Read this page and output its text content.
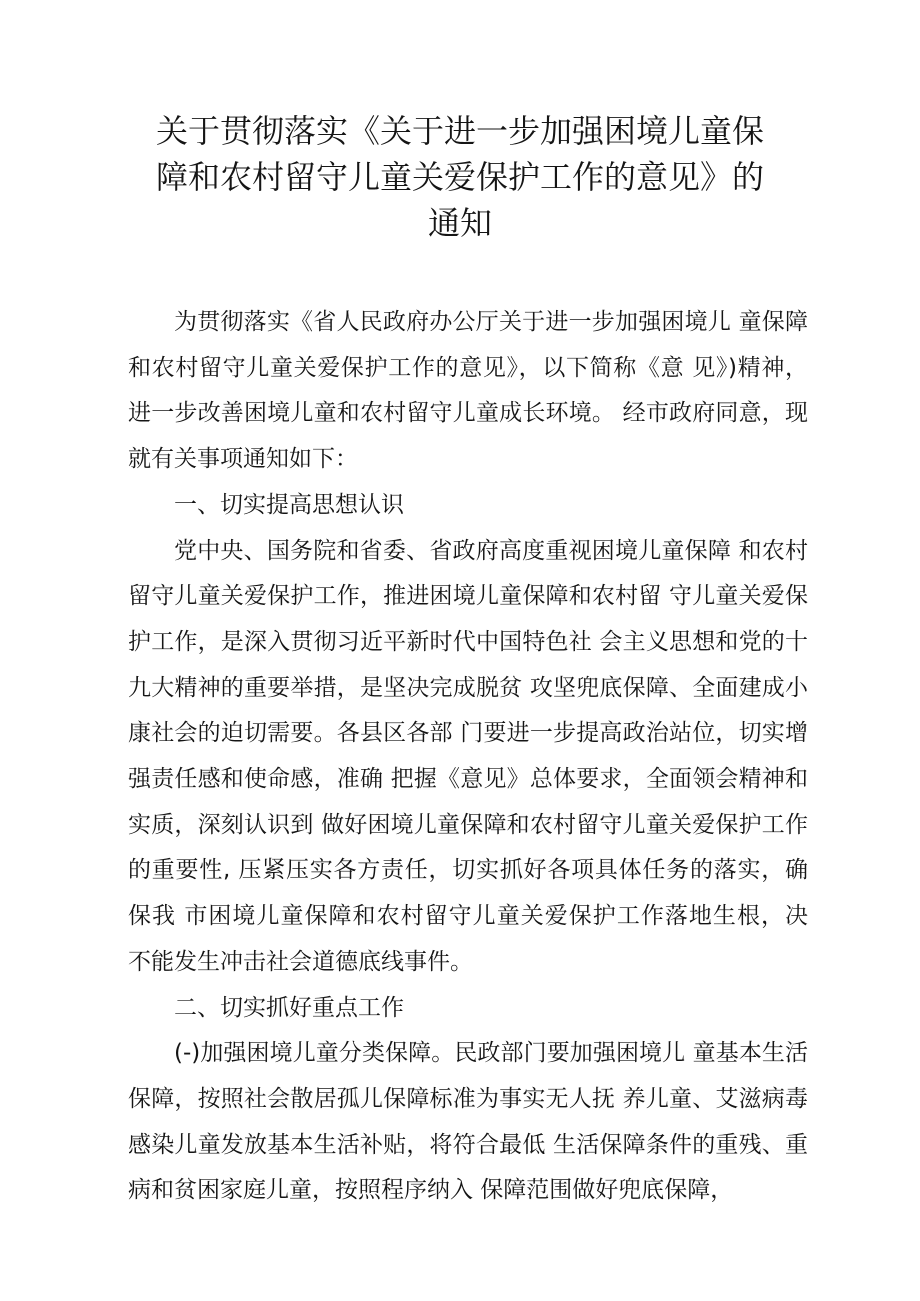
关于贯彻落实《关于进一步加强困境儿童保
障和农村留守儿童关爱保护工作的意见》的
通知

为贯彻落实《省人民政府办公厅关于进一步加强困境儿 童保障和农村留守儿童关爱保护工作的意见》，以下简称《意 见》)精神，进一步改善困境儿童和农村留守儿童成长环境。 经市政府同意，现就有关事项通知如下：

一、切实提高思想认识

党中央、国务院和省委、省政府高度重视困境儿童保障 和农村留守儿童关爱保护工作，推进困境儿童保障和农村留 守儿童关爱保护工作，是深入贯彻习近平新时代中国特色社 会主义思想和党的十九大精神的重要举措，是坚决完成脱贫 攻坚兜底保障、全面建成小康社会的迫切需要。各县区各部 门要进一步提高政治站位，切实增强责任感和使命感，准确 把握《意见》总体要求，全面领会精神和实质，深刻认识到 做好困境儿童保障和农村留守儿童关爱保护工作的重要性, 压紧压实各方责任，切实抓好各项具体任务的落实，确保我 市困境儿童保障和农村留守儿童关爱保护工作落地生根，决 不能发生冲击社会道德底线事件。

二、切实抓好重点工作

(-)加强困境儿童分类保障。民政部门要加强困境儿 童基本生活保障，按照社会散居孤儿保障标准为事实无人抚 养儿童、艾滋病毒感染儿童发放基本生活补贴，将符合最低 生活保障条件的重残、重病和贫困家庭儿童，按照程序纳入 保障范围做好兜底保障，
